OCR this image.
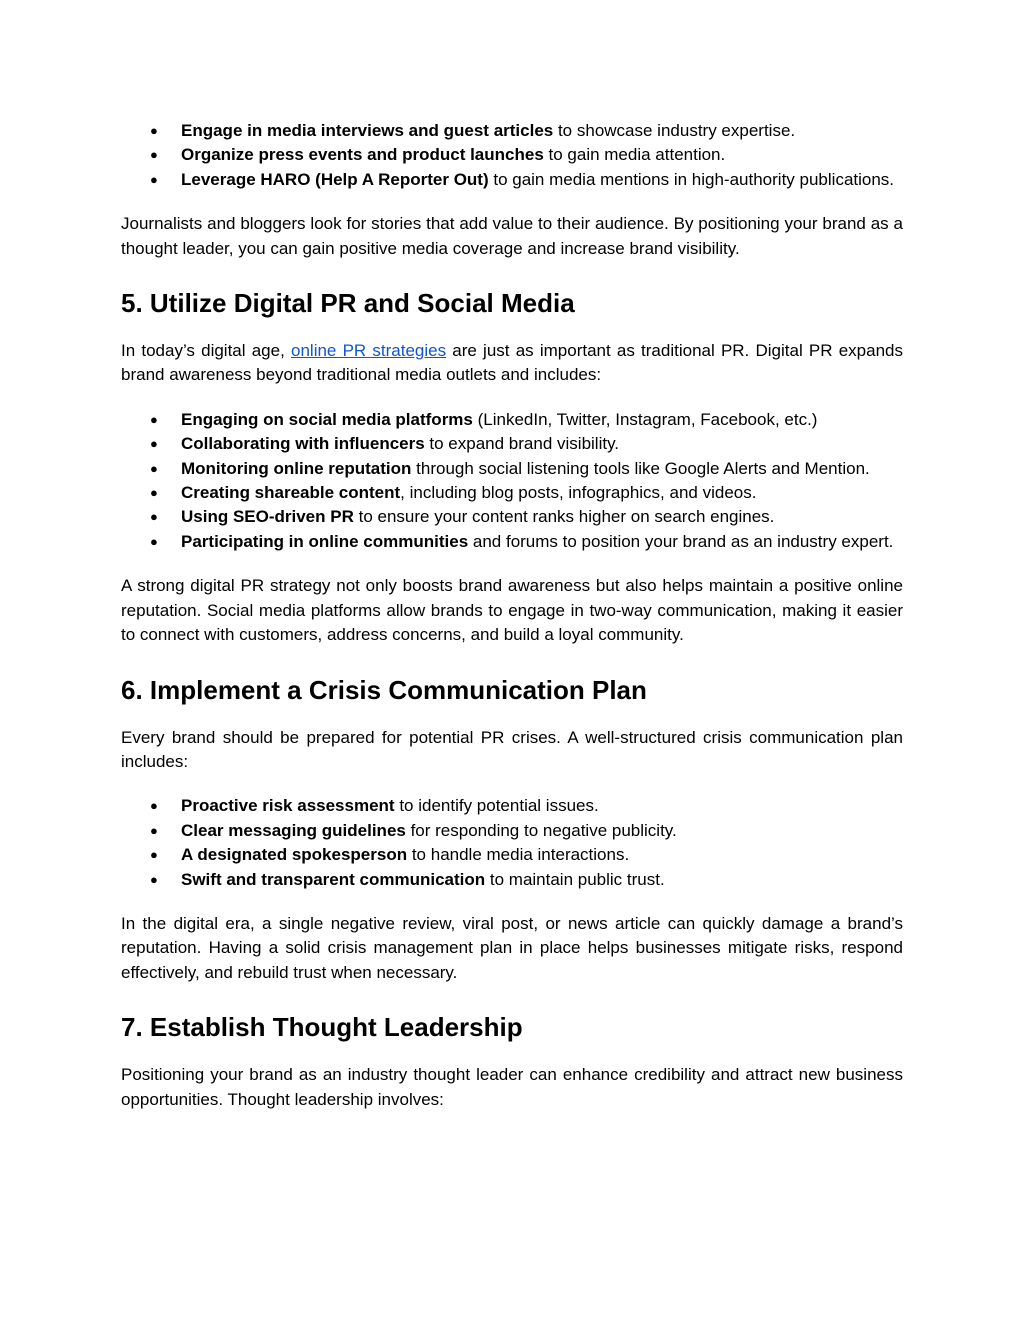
● Engage in media interviews and guest articles to showcase industry expertise.
● Organize press events and product launches to gain media attention.
● Leverage HARO (Help A Reporter Out) to gain media mentions in high-authority publications.

Journalists and bloggers look for stories that add value to their audience. By positioning your brand as a thought leader, you can gain positive media coverage and increase brand visibility.

5. Utilize Digital PR and Social Media

In today’s digital age, online PR strategies are just as important as traditional PR. Digital PR expands brand awareness beyond traditional media outlets and includes:

● Engaging on social media platforms (LinkedIn, Twitter, Instagram, Facebook, etc.)
● Collaborating with influencers to expand brand visibility.
● Monitoring online reputation through social listening tools like Google Alerts and Mention.
● Creating shareable content, including blog posts, infographics, and videos.
● Using SEO-driven PR to ensure your content ranks higher on search engines.
● Participating in online communities and forums to position your brand as an industry expert.

A strong digital PR strategy not only boosts brand awareness but also helps maintain a positive online reputation. Social media platforms allow brands to engage in two-way communication, making it easier to connect with customers, address concerns, and build a loyal community.

6. Implement a Crisis Communication Plan

Every brand should be prepared for potential PR crises. A well-structured crisis communication plan includes:

● Proactive risk assessment to identify potential issues.
● Clear messaging guidelines for responding to negative publicity.
● A designated spokesperson to handle media interactions.
● Swift and transparent communication to maintain public trust.

In the digital era, a single negative review, viral post, or news article can quickly damage a brand’s reputation. Having a solid crisis management plan in place helps businesses mitigate risks, respond effectively, and rebuild trust when necessary.

7. Establish Thought Leadership

Positioning your brand as an industry thought leader can enhance credibility and attract new business opportunities. Thought leadership involves:
